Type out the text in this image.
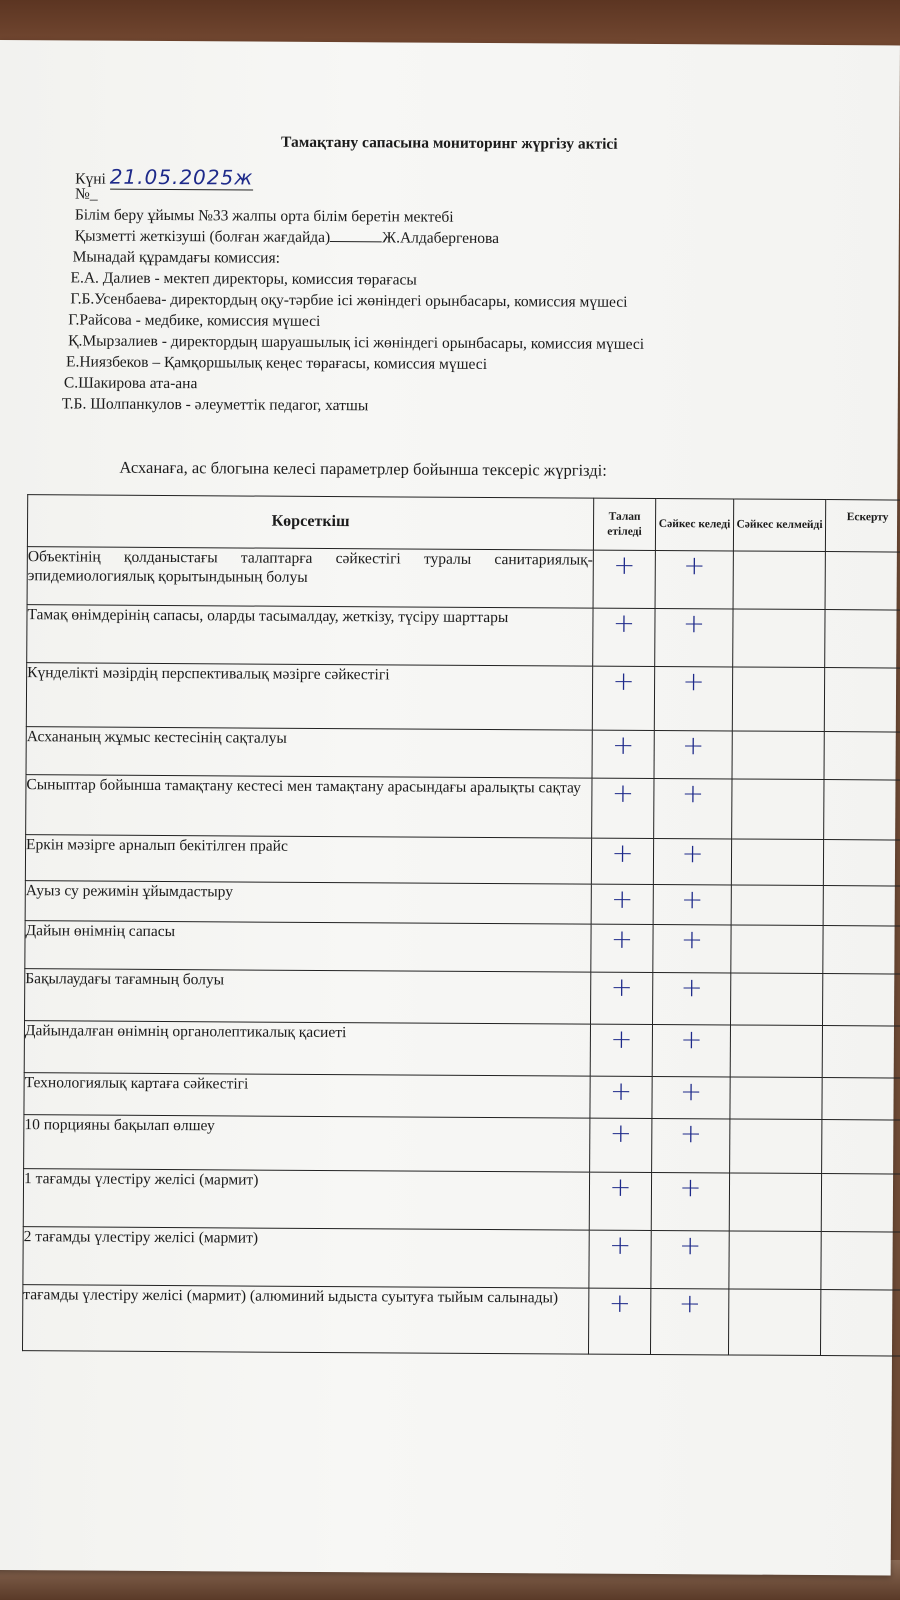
Тамақтану сапасына мониторинг жүргізу актісі
Күні 21.05.2025ж
№_
Білім беру ұйымы №33 жалпы орта білім беретін мектебі
Қызметті жеткізуші (болған жағдайда)	Ж.Алдабергенова
Мынадай құрамдағы комиссия:
Е.А. Далиев - мектеп директоры, комиссия төрағасы
Г.Б.Усенбаева- директордың оқу-тәрбие ісі жөніндегі орынбасары, комиссия мүшесі
Г.Райсова - медбике, комиссия мүшесі
Қ.Мырзалиев - директордың шаруашылық ісі жөніндегі орынбасары, комиссия мүшесі
Е.Ниязбеков – Қамқоршылық кеңес төрағасы, комиссия мүшесі
С.Шакирова ата-ана
Т.Б. Шолпанкулов - әлеуметтік педагог, хатшы
Асханаға, ас блогына келесі параметрлер бойынша тексеріс жүргізді:
Көрсеткіш	Талап етіледі	Сәйкес келеді	Сәйкес келмейді	Ескерту
Объектінің қолданыстағы талаптарға сәйкестігі туралы санитариялық-эпидемиологиялық қорытындының болуы	+	+		
Тамақ өнімдерінің сапасы, оларды тасымалдау, жеткізу, түсіру шарттары	+	+		
Күнделікті мәзірдің перспективалық мәзірге сәйкестігі	+	+		
Асхананың жұмыс кестесінің сақталуы	+	+		
Сыныптар бойынша тамақтану кестесі мен тамақтану арасындағы аралықты сақтау	+	+		
Еркін мәзірге арналып бекітілген прайс	+	+		
Ауыз су режимін ұйымдастыру	+	+		
Дайын өнімнің сапасы	+	+		
Бақылаудағы тағамның болуы	+	+		
Дайындалған өнімнің органолептикалық қасиеті	+	+		
Технологиялық картаға сәйкестігі	+	+		
10 порцияны бақылап өлшеу	+	+		
1 тағамды үлестіру желісі (мармит)	+	+		
2 тағамды үлестіру желісі (мармит)	+	+		
тағамды үлестіру желісі (мармит) (алюминий ыдыста суытуға тыйым салынады)	+	+		
